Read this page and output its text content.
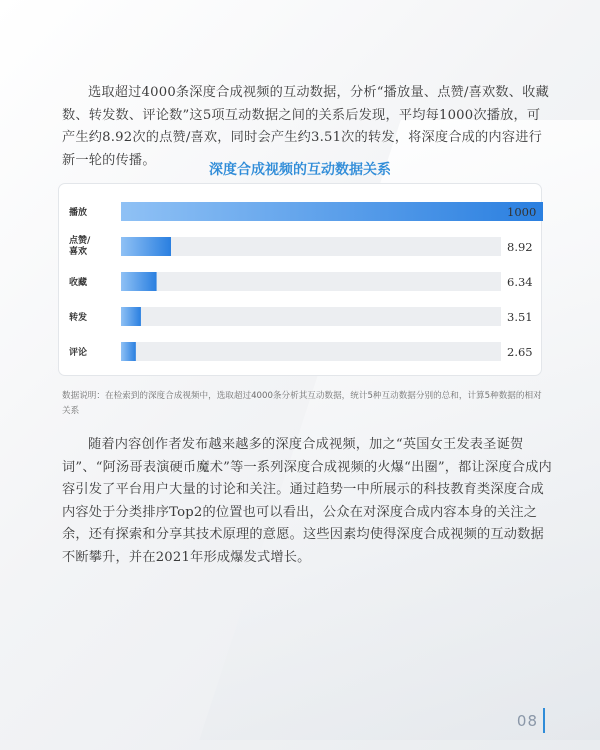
选取超过4000条深度合成视频的互动数据，分析“播放量、点赞/喜欢数、收藏数、转发数、评论数”这5项互动数据之间的关系后发现，平均每1000次播放，可产生约8.92次的点赞/喜欢，同时会产生约3.51次的转发，将深度合成的内容进行新一轮的传播。

深度合成视频的互动数据关系
播放	1000
点赞/
喜欢	8.92
收藏	6.34
转发	3.51
评论	2.65

数据说明：在检索到的深度合成视频中，选取超过4000条分析其互动数据，统计5种互动数据分别的总和，计算5种数据的相对关系

随着内容创作者发布越来越多的深度合成视频，加之“英国女王发表圣诞贺词”、“阿汤哥表演硬币魔术”等一系列深度合成视频的火爆“出圈”，都让深度合成内容引发了平台用户大量的讨论和关注。通过趋势一中所展示的科技教育类深度合成内容处于分类排序Top2的位置也可以看出，公众在对深度合成内容本身的关注之余，还有探索和分享其技术原理的意愿。这些因素均使得深度合成视频的互动数据不断攀升，并在2021年形成爆发式增长。

08
